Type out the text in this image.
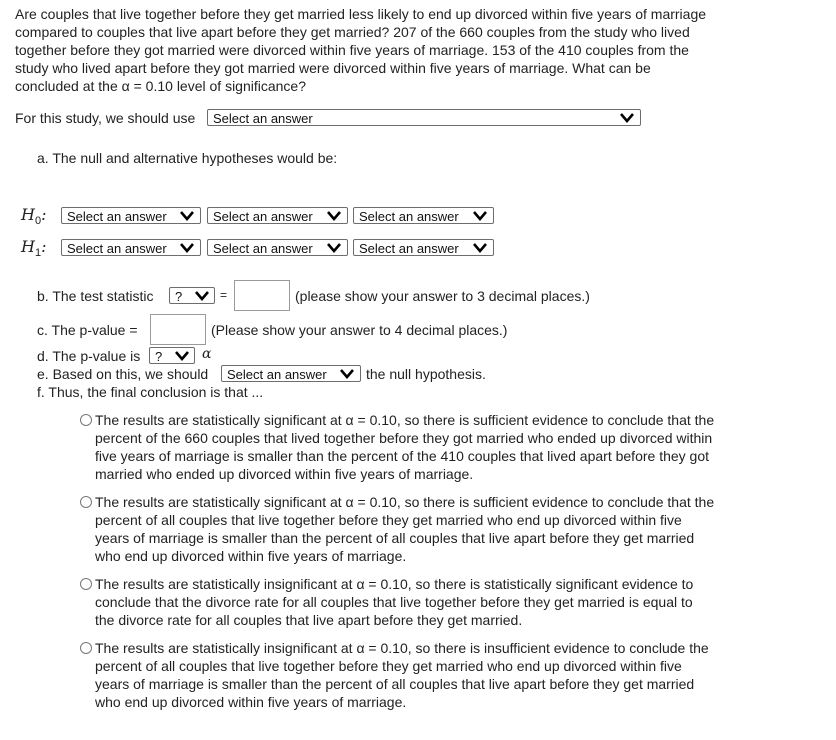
Are couples that live together before they get married less likely to end up divorced within five years of marriage compared to couples that live apart before they get married? 207 of the 660 couples from the study who lived together before they got married were divorced within five years of marriage. 153 of the 410 couples from the study who lived apart before they got married were divorced within five years of marriage. What can be concluded at the α = 0.10 level of significance?
For this study, we should use	Select an answer
a. The null and alternative hypotheses would be:
$H_0$:	Select an answer	Select an answer	Select an answer
$H_1$:	Select an answer	Select an answer	Select an answer
b. The test statistic	?	=	(please show your answer to 3 decimal places.)
c. The p-value =	(Please show your answer to 4 decimal places.)
d. The p-value is	?	α
e. Based on this, we should	Select an answer	the null hypothesis.
f. Thus, the final conclusion is that ...
The results are statistically significant at α = 0.10, so there is sufficient evidence to conclude that the percent of the 660 couples that lived together before they got married who ended up divorced within five years of marriage is smaller than the percent of the 410 couples that lived apart before they got married who ended up divorced within five years of marriage.
The results are statistically significant at α = 0.10, so there is sufficient evidence to conclude that the percent of all couples that live together before they get married who end up divorced within five years of marriage is smaller than the percent of all couples that live apart before they get married who end up divorced within five years of marriage.
The results are statistically insignificant at α = 0.10, so there is statistically significant evidence to conclude that the divorce rate for all couples that live together before they get married is equal to the divorce rate for all couples that live apart before they get married.
The results are statistically insignificant at α = 0.10, so there is insufficient evidence to conclude the percent of all couples that live together before they get married who end up divorced within five years of marriage is smaller than the percent of all couples that live apart before they get married who end up divorced within five years of marriage.
